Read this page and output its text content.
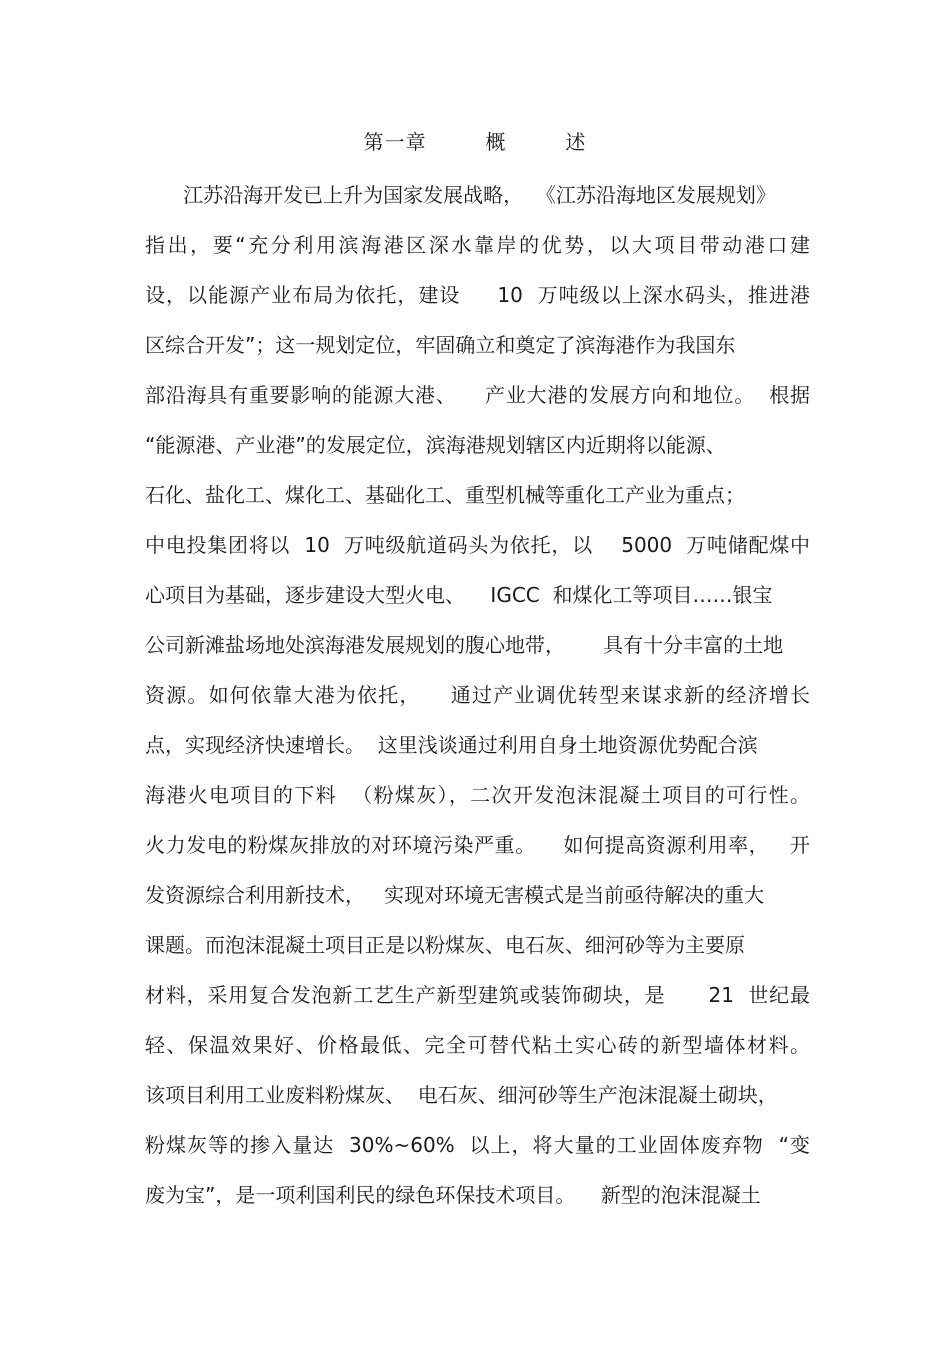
第一章        概        述
江苏沿海开发已上升为国家发展战略，  《江苏沿海地区发展规划》
指出，要“充分利用滨海港区深水靠岸的优势，以大项目带动港口建
设，以能源产业布局为依托，建设     10  万吨级以上深水码头，推进港
区综合开发”；这一规划定位，牢固确立和奠定了滨海港作为我国东
部沿海具有重要影响的能源大港、    产业大港的发展方向和地位。  根据
“能源港、产业港”的发展定位，滨海港规划辖区内近期将以能源、
石化、盐化工、煤化工、基础化工、重型机械等重化工产业为重点；
中电投集团将以  10  万吨级航道码头为依托，以    5000  万吨储配煤中
心项目为基础，逐步建设大型火电、    IGCC  和煤化工等项目……银宝
公司新滩盐场地处滨海港发展规划的腹心地带，      具有十分丰富的土地
资源。如何依靠大港为依托，    通过产业调优转型来谋求新的经济增长
点，实现经济快速增长。  这里浅谈通过利用自身土地资源优势配合滨
海港火电项目的下料  （粉煤灰），二次开发泡沫混凝土项目的可行性。
火力发电的粉煤灰排放的对环境污染严重。    如何提高资源利用率，   开
发资源综合利用新技术，   实现对环境无害模式是当前亟待解决的重大
课题。而泡沫混凝土项目正是以粉煤灰、电石灰、细河砂等为主要原
材料，采用复合发泡新工艺生产新型建筑或装饰砌块，是      21  世纪最
轻、保温效果好、价格最低、完全可替代粘土实心砖的新型墙体材料。
该项目利用工业废料粉煤灰、  电石灰、细河砂等生产泡沫混凝土砌块，
粉煤灰等的掺入量达  30%~60%  以上，将大量的工业固体废弃物  “变
废为宝”，是一项利国利民的绿色环保技术项目。    新型的泡沫混凝土
